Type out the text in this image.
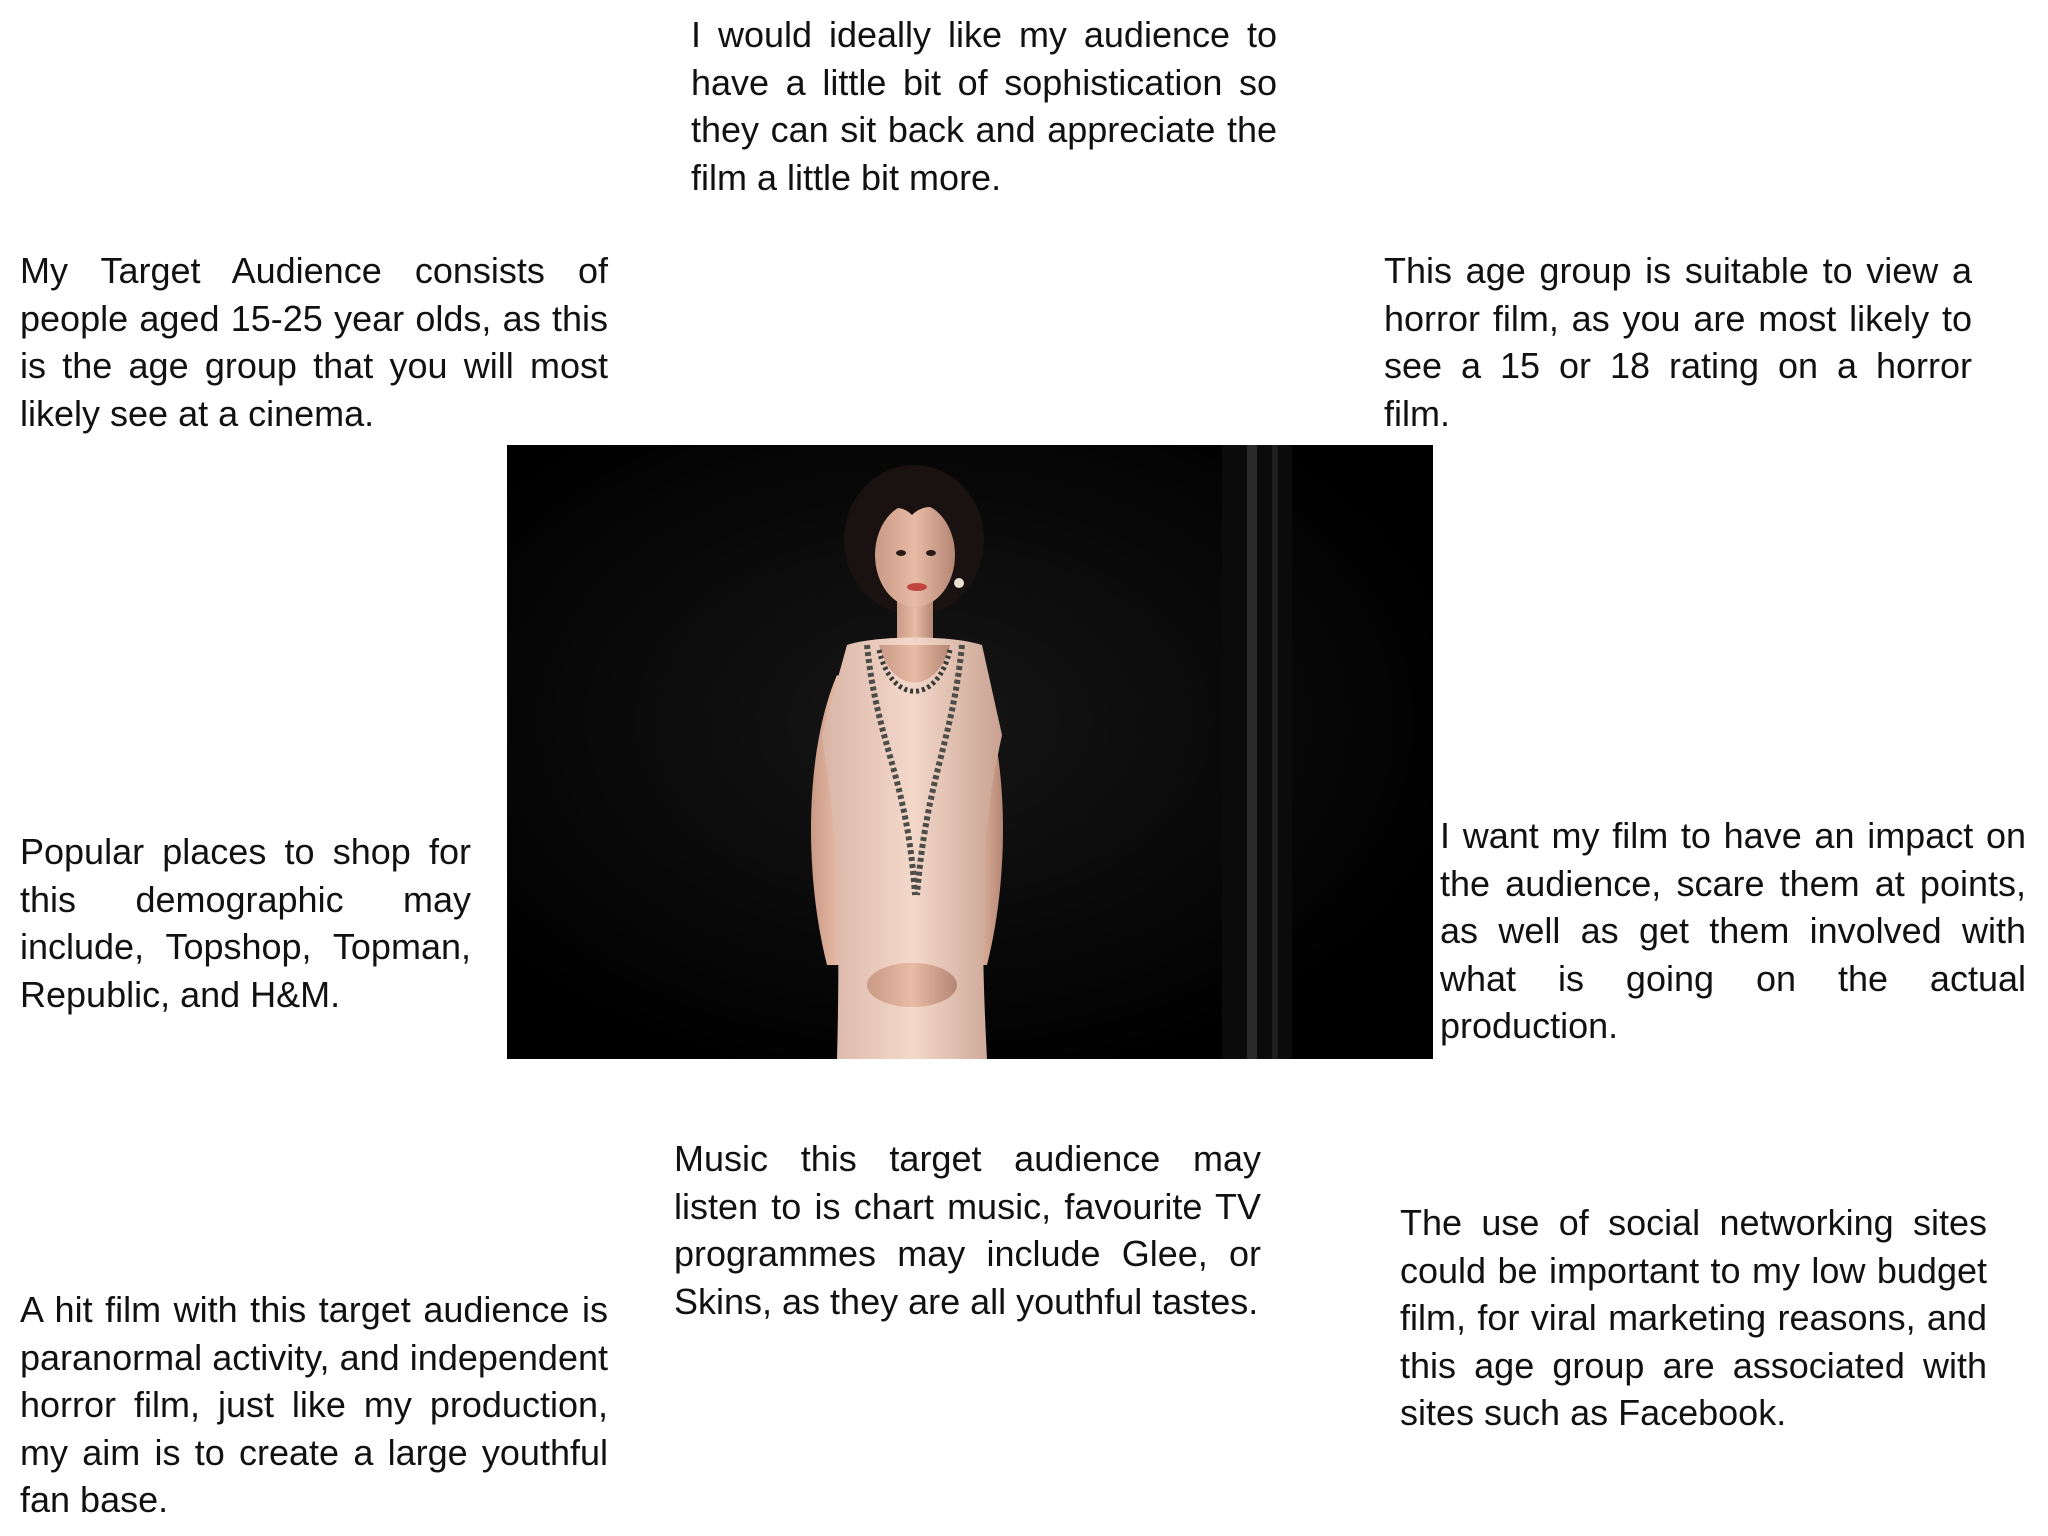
I would ideally like my audience to have a little bit of sophistication so they can sit back and appreciate the film a little bit more.

My Target Audience consists of people aged 15-25 year olds, as this is the age group that you will most likely see at a cinema.

This age group is suitable to view a horror film, as you are most likely to see a 15 or 18 rating on a horror film.

Popular places to shop for this demographic may include, Topshop, Topman, Republic, and H&M.

I want my film to have an impact on the audience, scare them at points, as well as get them involved with what is going on the actual production.

Music this target audience may listen to is chart music, favourite TV programmes may include Glee, or Skins, as they are all youthful tastes.

A hit film with this target audience is paranormal activity, and independent horror film, just like my production, my aim is to create a large youthful fan base.

The use of social networking sites could be important to my low budget film, for viral marketing reasons, and this age group are associated with sites such as Facebook.
